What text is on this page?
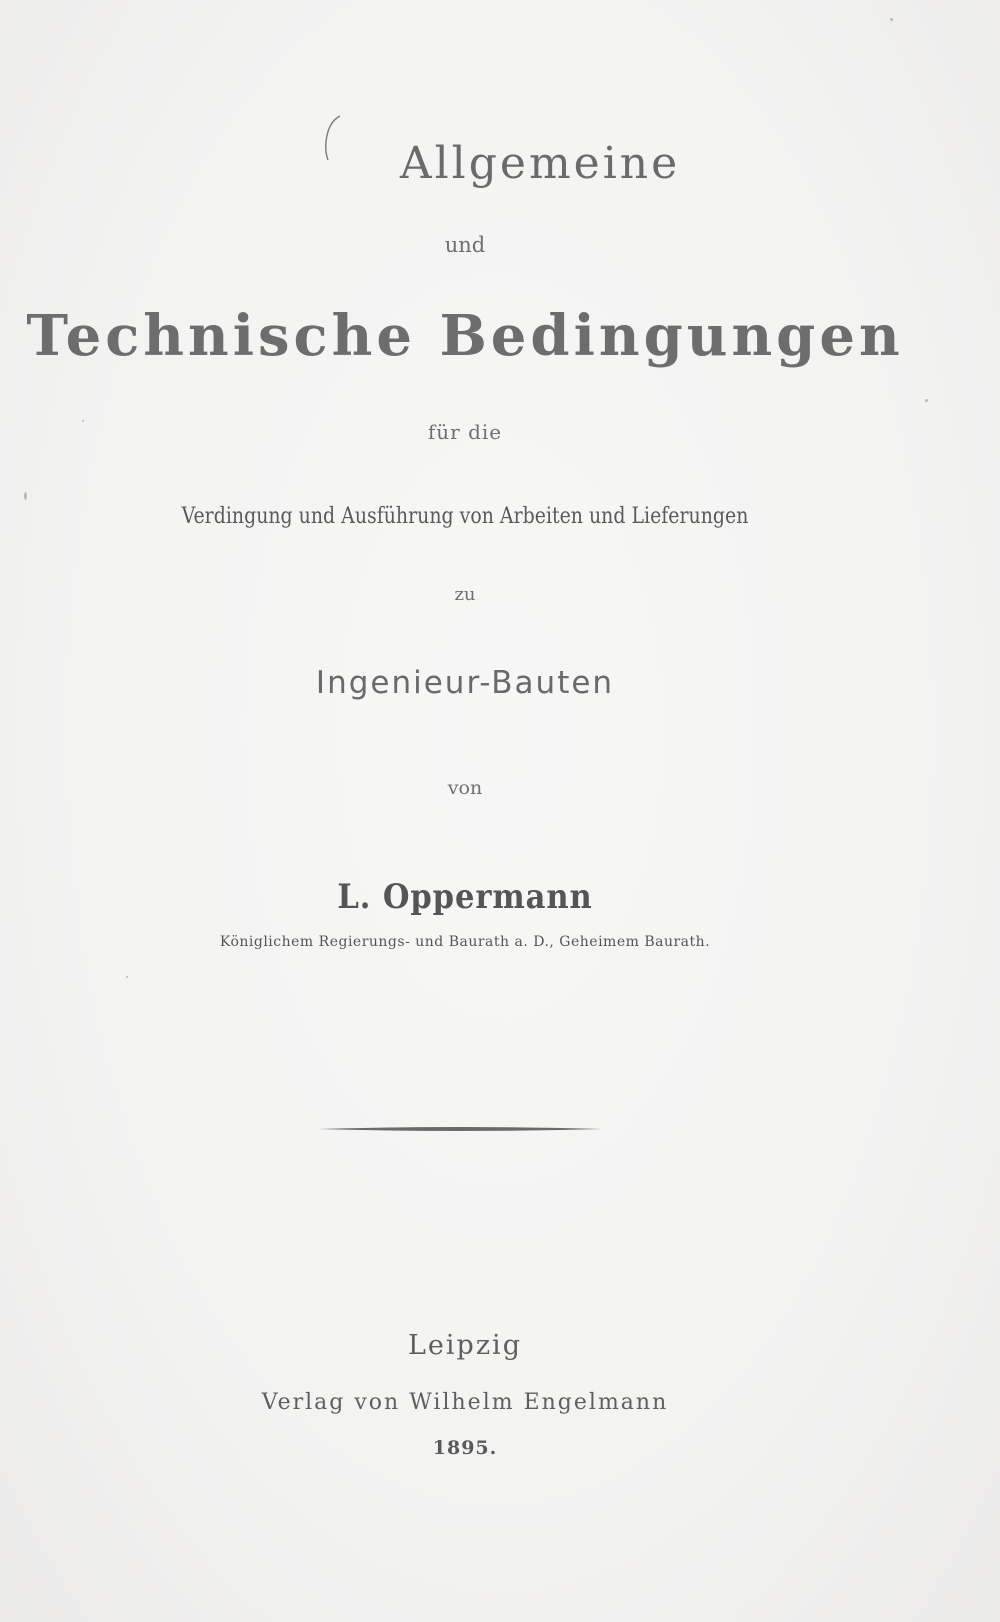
Allgemeine
und
Technische Bedingungen
für die
Verdingung und Ausführung von Arbeiten und Lieferungen
zu
Ingenieur-Bauten
von
L. Oppermann
Königlichem Regierungs- und Baurath a. D., Geheimem Baurath.
Leipzig
Verlag von Wilhelm Engelmann
1895.
